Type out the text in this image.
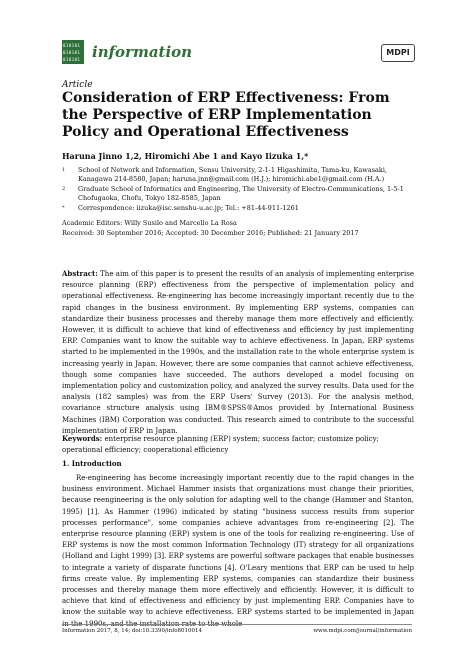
010101
010101
010101 information	MDPI
Article
Consideration of ERP Effectiveness: From the Perspective of ERP Implementation Policy and Operational Effectiveness
Haruna Jinno 1,2, Hiromichi Abe 1 and Kayo Iizuka 1,*
1 School of Network and Information, Sensu University, 2-1-1 Higashimita, Tama-ku, Kawasaki, Kanagawa 214-8580, Japan; haruna.jnn@gmail.com (H.J.); hiromichi.abe1@gmail.com (H.A.)
2 Graduate School of Informatics and Engineering, The University of Electro-Communications, 1-5-1 Chofugaoka, Chofu, Tokyo 182-8585, Japan
* Correspondence: iizuka@isc.senshu-u.ac.jp; Tel.: +81-44-911-1261
Academic Editors: Willy Susilo and Marcello La Rosa
Received: 30 September 2016; Accepted: 30 December 2016; Published: 21 January 2017
Abstract: The aim of this paper is to present the results of an analysis of implementing enterprise resource planning (ERP) effectiveness from the perspective of implementation policy and operational effectiveness. Re-engineering has become increasingly important recently due to the rapid changes in the business environment. By implementing ERP systems, companies can standardize their business processes and thereby manage them more effectively and efficiently. However, it is difficult to achieve that kind of effectiveness and efficiency by just implementing ERP. Companies want to know the suitable way to achieve effectiveness. In Japan, ERP systems started to be implemented in the 1990s, and the installation rate to the whole enterprise system is increasing yearly in Japan. However, there are some companies that cannot achieve effectiveness, though some companies have succeeded. The authors developed a model focusing on implementation policy and customization policy, and analyzed the survey results. Data used for the analysis (182 samples) was from the ERP Users' Survey (2013). For the analysis method, covariance structure analysis using IBM®SPSS®Amos provided by International Business Machines (IBM) Corporation was conducted. This research aimed to contribute to the successful implementation of ERP in Japan.
Keywords: enterprise resource planning (ERP) system; success factor; customize policy; operational efficiency; cooperational efficiency
1. Introduction
Re-engineering has become increasingly important recently due to the rapid changes in the business environment. Michael Hammer insists that organizations must change their priorities, because reengineering is the only solution for adapting well to the change (Hammer and Stanton, 1995) [1]. As Hammer (1996) indicated by stating "business success results from superior processes performance", some companies achieve advantages from re-engineering [2]. The enterprise resource planning (ERP) system is one of the tools for realizing re-engineering. Use of ERP systems is now the most common Information Technology (IT) strategy for all organizations (Holland and Light 1999) [3]. ERP systems are powerful software packages that enable businesses to integrate a variety of disparate functions [4]. O'Leary mentions that ERP can be used to help firms create value. By implementing ERP systems, companies can standardize their business processes and thereby manage them more effectively and efficiently. However, it is difficult to achieve that kind of effectiveness and efficiency by just implementing ERP. Companies have to know the suitable way to achieve effectiveness. ERP systems started to be implemented in Japan in the 1990s, and the installation rate to the whole
Information 2017, 8, 14; doi:10.3390/info8010014	www.mdpi.com/journal/information
